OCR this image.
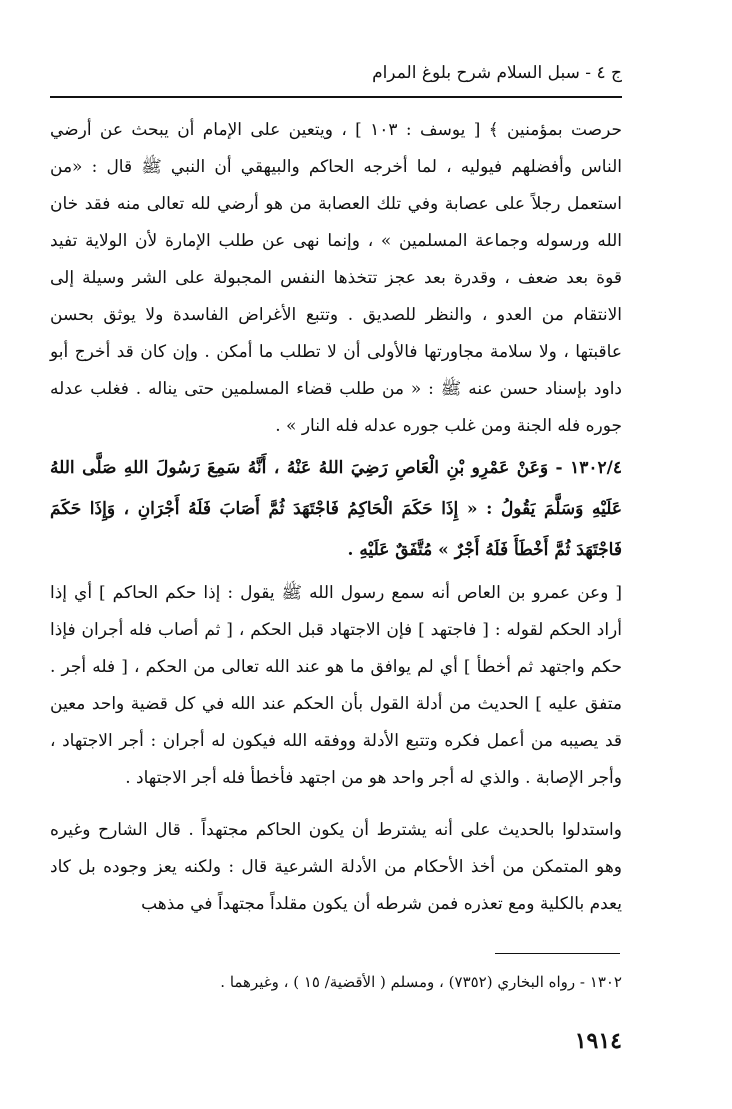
ج ٤ - سبل السلام شرح بلوغ المرام
حرصت بمؤمنين ﴾ [ يوسف : ١٠٣ ] ، ويتعين على الإمام أن يبحث عن أرضي الناس وأفضلهم فيوليه ، لما أخرجه الحاكم والبيهقي أن النبي ﷺ قال : «من استعمل رجلاً على عصابة وفي تلك العصابة من هو أرضي لله تعالى منه فقد خان الله ورسوله وجماعة المسلمين » ، وإنما نهى عن طلب الإمارة لأن الولاية تفيد قوة بعد ضعف ، وقدرة بعد عجز تتخذها النفس المجبولة على الشر وسيلة إلى الانتقام من العدو ، والنظر للصديق . وتتبع الأغراض الفاسدة ولا يوثق بحسن عاقبتها ، ولا سلامة مجاورتها فالأولى أن لا تطلب ما أمكن . وإن كان قد أخرج أبو داود بإسناد حسن عنه ﷺ : « من طلب قضاء المسلمين حتى يناله . فغلب عدله جوره فله الجنة ومن غلب جوره عدله فله النار » .
١٣٠٢/٤ - وَعَنْ عَمْرِو بْنِ الْعَاصِ رَضِيَ اللهُ عَنْهُ ، أَنَّهُ سَمِعَ رَسُولَ اللهِ صَلَّى اللهُ عَلَيْهِ وَسَلَّمَ يَقُولُ : « إِذَا حَكَمَ الْحَاكِمُ فَاجْتَهَدَ ثُمَّ أَصَابَ فَلَهُ أَجْرَانِ ، وَإِذَا حَكَمَ فَاجْتَهَدَ ثُمَّ أَخْطَأَ فَلَهُ أَجْرٌ » مُتَّفَقٌ عَلَيْهِ .
[ وعن عمرو بن العاص أنه سمع رسول الله ﷺ يقول : إذا حكم الحاكم ] أي إذا أراد الحكم لقوله : [ فاجتهد ] فإن الاجتهاد قبل الحكم ، [ ثم أصاب فله أجران فإذا حكم واجتهد ثم أخطأ ] أي لم يوافق ما هو عند الله تعالى من الحكم ، [ فله أجر . متفق عليه ] الحديث من أدلة القول بأن الحكم عند الله في كل قضية واحد معين قد يصيبه من أعمل فكره وتتبع الأدلة ووفقه الله فيكون له أجران : أجر الاجتهاد ، وأجر الإصابة . والذي له أجر واحد هو من اجتهد فأخطأ فله أجر الاجتهاد .
واستدلوا بالحديث على أنه يشترط أن يكون الحاكم مجتهداً . قال الشارح وغيره وهو المتمكن من أخذ الأحكام من الأدلة الشرعية قال : ولكنه يعز وجوده بل كاد يعدم بالكلية ومع تعذره فمن شرطه أن يكون مقلداً مجتهداً في مذهب
١٣٠٢ - رواه البخاري (٧٣٥٢) ، ومسلم ( الأقضية/ ١٥ ) ، وغيرهما .
١٩١٤
